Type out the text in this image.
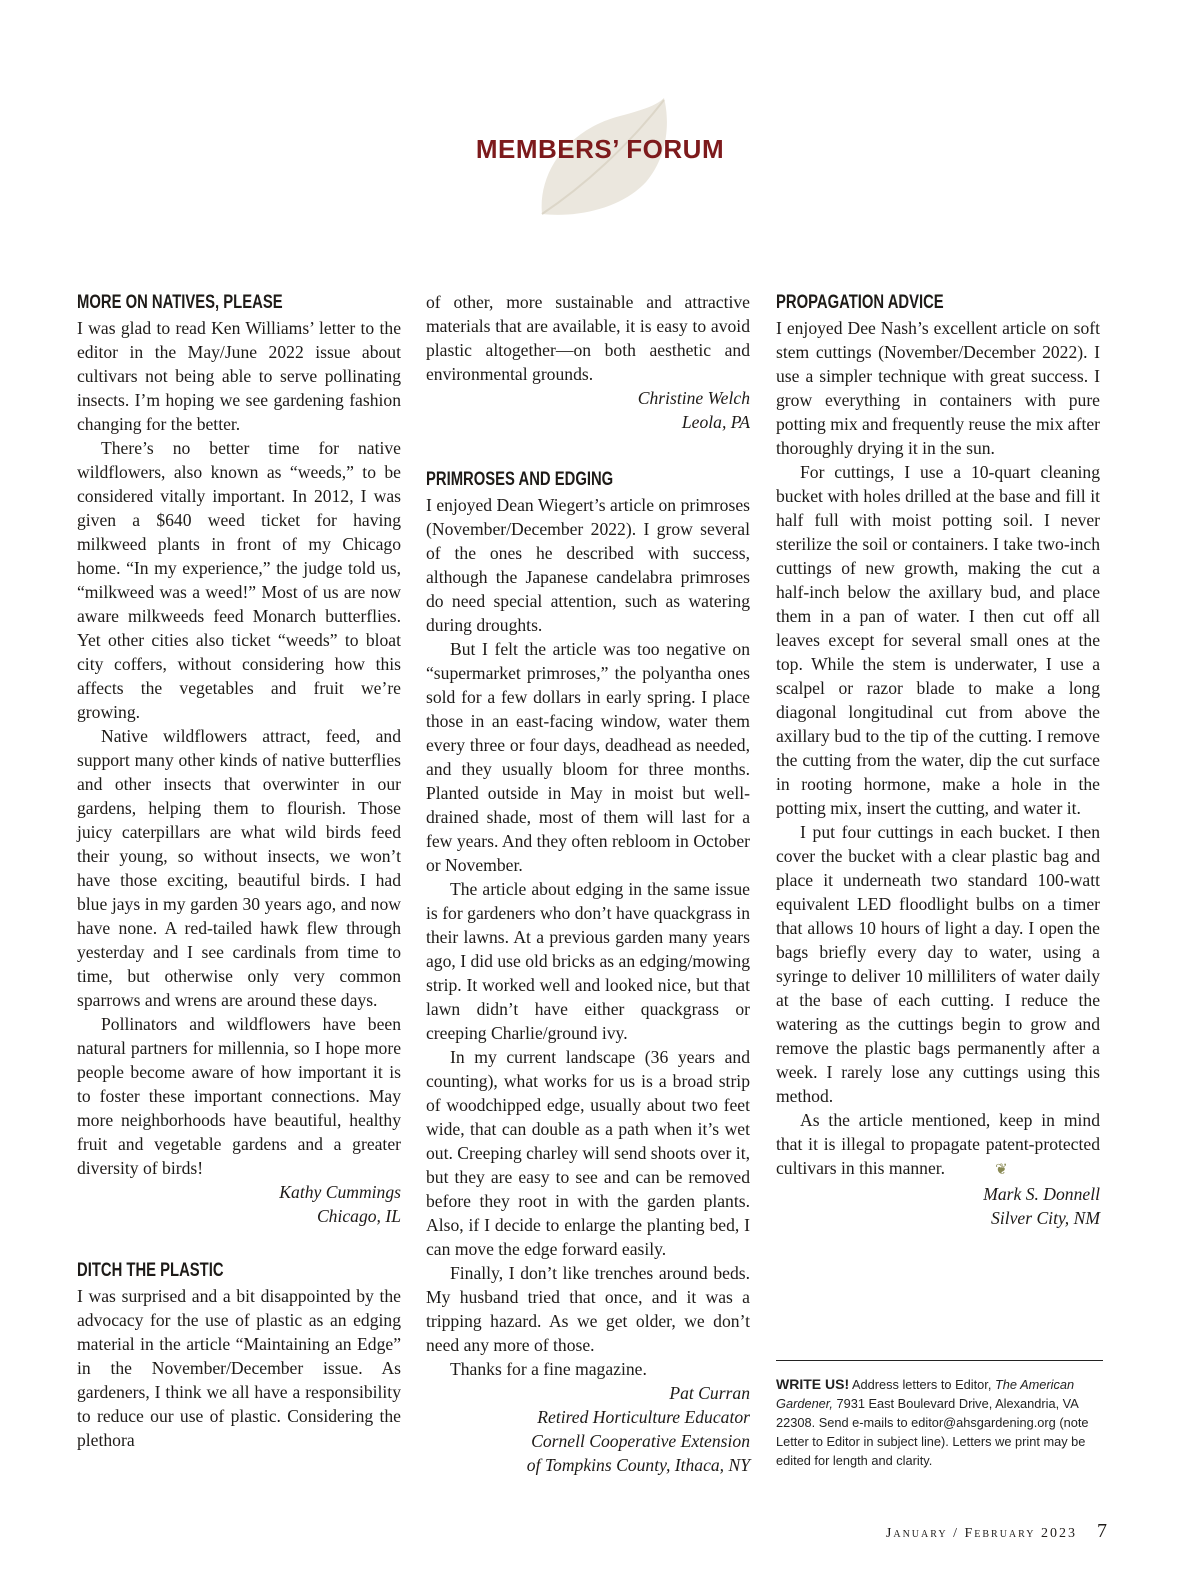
MEMBERS’ FORUM
MORE ON NATIVES, PLEASE

I was glad to read Ken Williams’ letter to the editor in the May/June 2022 issue about cultivars not being able to serve pollinating insects. I’m hoping we see gardening fashion changing for the better.

There’s no better time for native wildflowers, also known as “weeds,” to be considered vitally important. In 2012, I was given a $640 weed ticket for having milkweed plants in front of my Chicago home. “In my experience,” the judge told us, “milkweed was a weed!” Most of us are now aware milkweeds feed Monarch butterflies. Yet other cities also ticket “weeds” to bloat city coffers, without considering how this affects the vegetables and fruit we’re growing.

Native wildflowers attract, feed, and support many other kinds of native butterflies and other insects that overwinter in our gardens, helping them to flourish. Those juicy caterpillars are what wild birds feed their young, so without insects, we won’t have those exciting, beautiful birds. I had blue jays in my garden 30 years ago, and now have none. A red-tailed hawk flew through yesterday and I see cardinals from time to time, but otherwise only very common sparrows and wrens are around these days.

Pollinators and wildflowers have been natural partners for millennia, so I hope more people become aware of how important it is to foster these important connections. May more neighborhoods have beautiful, healthy fruit and vegetable gardens and a greater diversity of birds!

Kathy Cummings

Chicago, IL

DITCH THE PLASTIC

I was surprised and a bit disappointed by the advocacy for the use of plastic as an edging material in the article “Maintaining an Edge” in the November/December issue. As gardeners, I think we all have a responsibility to reduce our use of plastic. Considering the plethora

of other, more sustainable and attractive materials that are available, it is easy to avoid plastic altogether—on both aesthetic and environmental grounds.

Christine Welch

Leola, PA

PRIMROSES AND EDGING

I enjoyed Dean Wiegert’s article on primroses (November/December 2022). I grow several of the ones he described with success, although the Japanese candelabra primroses do need special attention, such as watering during droughts.

But I felt the article was too negative on “supermarket primroses,” the polyantha ones sold for a few dollars in early spring. I place those in an east-facing window, water them every three or four days, deadhead as needed, and they usually bloom for three months. Planted outside in May in moist but well-drained shade, most of them will last for a few years. And they often rebloom in October or November.

The article about edging in the same issue is for gardeners who don’t have quackgrass in their lawns. At a previous garden many years ago, I did use old bricks as an edging/mowing strip. It worked well and looked nice, but that lawn didn’t have either quackgrass or creeping Charlie/ground ivy.

In my current landscape (36 years and counting), what works for us is a broad strip of woodchipped edge, usually about two feet wide, that can double as a path when it’s wet out. Creeping charley will send shoots over it, but they are easy to see and can be removed before they root in with the garden plants. Also, if I decide to enlarge the planting bed, I can move the edge forward easily.

Finally, I don’t like trenches around beds. My husband tried that once, and it was a tripping hazard. As we get older, we don’t need any more of those.

Thanks for a fine magazine.

Pat Curran

Retired Horticulture Educator

Cornell Cooperative Extension

of Tompkins County, Ithaca, NY

PROPAGATION ADVICE

I enjoyed Dee Nash’s excellent article on soft stem cuttings (November/December 2022). I use a simpler technique with great success. I grow everything in containers with pure potting mix and frequently reuse the mix after thoroughly drying it in the sun.

For cuttings, I use a 10-quart cleaning bucket with holes drilled at the base and fill it half full with moist potting soil. I never sterilize the soil or containers. I take two-inch cuttings of new growth, making the cut a half-inch below the axillary bud, and place them in a pan of water. I then cut off all leaves except for several small ones at the top. While the stem is underwater, I use a scalpel or razor blade to make a long diagonal longitudinal cut from above the axillary bud to the tip of the cutting. I remove the cutting from the water, dip the cut surface in rooting hormone, make a hole in the potting mix, insert the cutting, and water it.

I put four cuttings in each bucket. I then cover the bucket with a clear plastic bag and place it underneath two standard 100-watt equivalent LED floodlight bulbs on a timer that allows 10 hours of light a day. I open the bags briefly every day to water, using a syringe to deliver 10 milliliters of water daily at the base of each cutting. I reduce the watering as the cuttings begin to grow and remove the plastic bags permanently after a week. I rarely lose any cuttings using this method.

As the article mentioned, keep in mind that it is illegal to propagate patent-protected cultivars in this manner.	❦

Mark S. Donnell

Silver City, NM

WRITE US! Address letters to Editor, The American Gardener, 7931 East Boulevard Drive, Alexandria, VA 22308. Send e-mails to editor@ahsgardening.org (note Letter to Editor in subject line). Letters we print may be edited for length and clarity.
January / February 2023 7
